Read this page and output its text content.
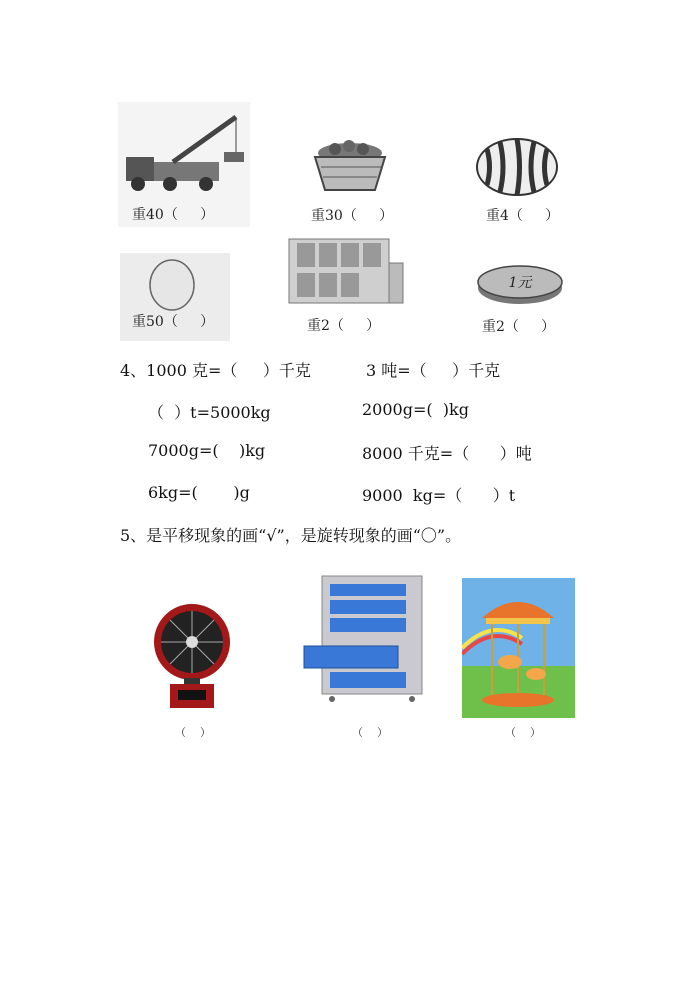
重40（     ）	重30（     ）	重4（     ）
重50（     ）	重2（     ）
1元
重2（     ）
4、1000 克=（     ）千克	3 吨=（     ）千克
（  ）t=5000kg	2000g=(  )kg
7000g=(    )kg	8000 千克=（      ）吨
6kg=(       )g	9000  kg=（      ）t
5、是平移现象的画“√”，是旋转现象的画“〇”。
（    ）	（    ）	（    ）
